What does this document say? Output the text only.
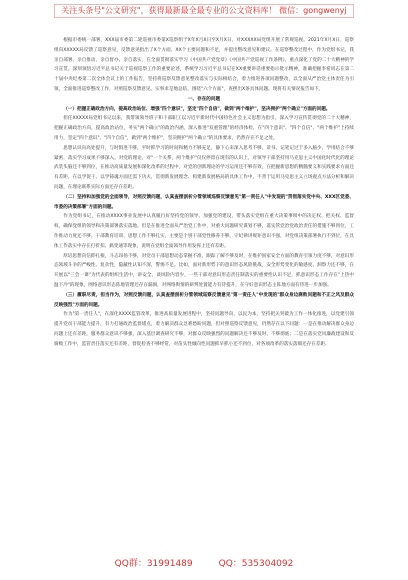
关注头条号"公文研究"，获得最新最全最专业的公文资料库！ 微信：gongwenyj

根据市委统一部署，XXX届市委第二轮巡视市委第X巡察组于X年X月X日至X月X日，对XXXXX局党组开展了常规巡视。2021年X月X日，巡察组向XXXXX局反馈了巡察意见，反馈意见指出了X个方面、XX个主要问题和不足，并提出整改意见和建议。在巡察整改过程中，作为党组书记，我亲自部署、亲自推动、亲自督办、亲自落实，在全面贯彻落实学习《中国共产党党章》《中国共产党巡视工作条例》，重点深化了党的二十大精神的学习宣贯，深刻领悟习近平总书记关于巡视巡察工作的重要论述，系统学习习近平总书记在XX重要讲话重要指示批示精神，准确把握李希同志在第二十届中央纪委第二次全体会议上的工作报告，坚持将巡察反馈意见整改落实与实际相结合，着力推进各项问题整改，以全面从严治党主体责任为引领，全面推进巡察整改工作，对照巡察反馈意见，实事求是地总结，围绕"六个方面"，查摆出X条具体问题，现将有关情况报告如下。

一、存在的问题

（一）把握正确政治方向，提高政治站位、增强"四个意识"，坚定"四个自信"，做到"两个维护"，坚决拥护"两个确立"方面的问题。

担任XXXXX局党组书记以来，我带领领导班子和干部职工以习近平新时代中国特色社会主义思想为指引，深入学习宣传贯彻党的二十大精神，把握正确政治方向，提高政治站位，务实"两个确立"的政治内涵，深入推进"双重管理"的经济体检，在"四个意识"、"四个自信"、"两个维护"上持续用力，坚定"四个意识"、"四个自信"，做到"两个维护"，坚决拥护"两个确立"的具体要求，仍然存在不足之处。

思想认识向高处提升，与时俱进不够，平时抓学习的时间和精力不够充足，静下心来深入思考不够，读书、记笔记过于多入脑少，学用结合不够紧密，落实学习成果不够深入。对党的理论，对"一个关系，两个维护"仅仅停留在现有的认识上，对领导干部坚持用马克思主义中国化时代化的理论武装头脑还不够到位，在推动高质量发展和深化改革的过程中，对党的创新理论的学习运用还不够有效，在把握新思想的精髓要义和实践要求方面还有差距，在以学促干、以学铸魂方面还需下功夫，贯彻新发展理念、构建新发展格局的具体工作中，不善于运用马克思主义立场观点方法分析和解决问题，在理论联系实际方面还存在差距。

（二）坚持和加强党的全面领导，对照反馈问题，认真查摆剖析分管领域巡察反馈意见"第一责任人"中发现的"贯彻落实党中央、XXX区党委、市委的决策部署"方面的问题。

作为党组书记，在推动XXXX事业发展中认真履行好坚持党的领导、加强党的建设，带头落实党组在重大决策事项中的决定权、把关权、监督权，确保党组的领导和决策部署落实落地。但是在推进全面从严治党工作中，对重大问题研究谋划不够，落实管党治党政治责任的措施不够到位，工作推动力度还不够。干部教育培训、思想工作不够扎实，主要是个别干部党性修养不够、守纪律讲规矩意识不强，对党组决策部署执行不到位，在具体工作落实中存在打折扣、搞变通等现象，说明在党组全面领导作用发挥上还有差距。

厚培思想向信仰扎根，斗志昂扬不够，对党员干部思想动态掌握不准，跟踪了解不够及时，在维护国家安全方面的教育引领力度不够，对意识形态领域斗争的严峻性、复杂性，隐蔽性认知不深，警惕不足。比如，面对新形势下的意识形态风险挑战，安全形势变化的敏感度、洞察力还不够，在开展以"三会一课"为代表的组织生活中，讲安全、谈风险内容少，一些干部对意识形态责任制落实的重要性认识不足，抓意识形态工作存在"上热中温下冷"的现象，网络意识形态阵地管理还存在漏洞，对网络舆情的研判处置能力有待提升，在守好意识形态主阵地方面有待进一步加强。

（三）履职尽责，担当作为，对照反馈问题，认真查摆剖析分管领域巡察反馈意见"第一责任人"中发现的"群众身边腐败问题和不正之风及群众反映强烈"方面的问题。

作为"第一责任人"，在深化XXXX监管改革，推进高质量发展进程中，坚持问题导向，以民为本，坚持把关突破为工作一体化推进，以党建引领提升党员干部能力提升，有力打通政治监督堵点，着力解决群众急难愁盼问题，但对照巡察反馈意见，仍然存在以下问题：一是在推动解决群众身边问题上还有差距，服务群众意识不够强，深入基层调查研究不够，对群众反映强烈的问题解决还不够及时、不够彻底；二是在落实党风廉政建设和反腐败工作中，监管责任落实还有差距，督促检查不够经常，对苗头性倾向性问题抓早抓小还不到位，对各项改革的落实落细还存在差距。

QQ群：31991489	QQ：535304092
